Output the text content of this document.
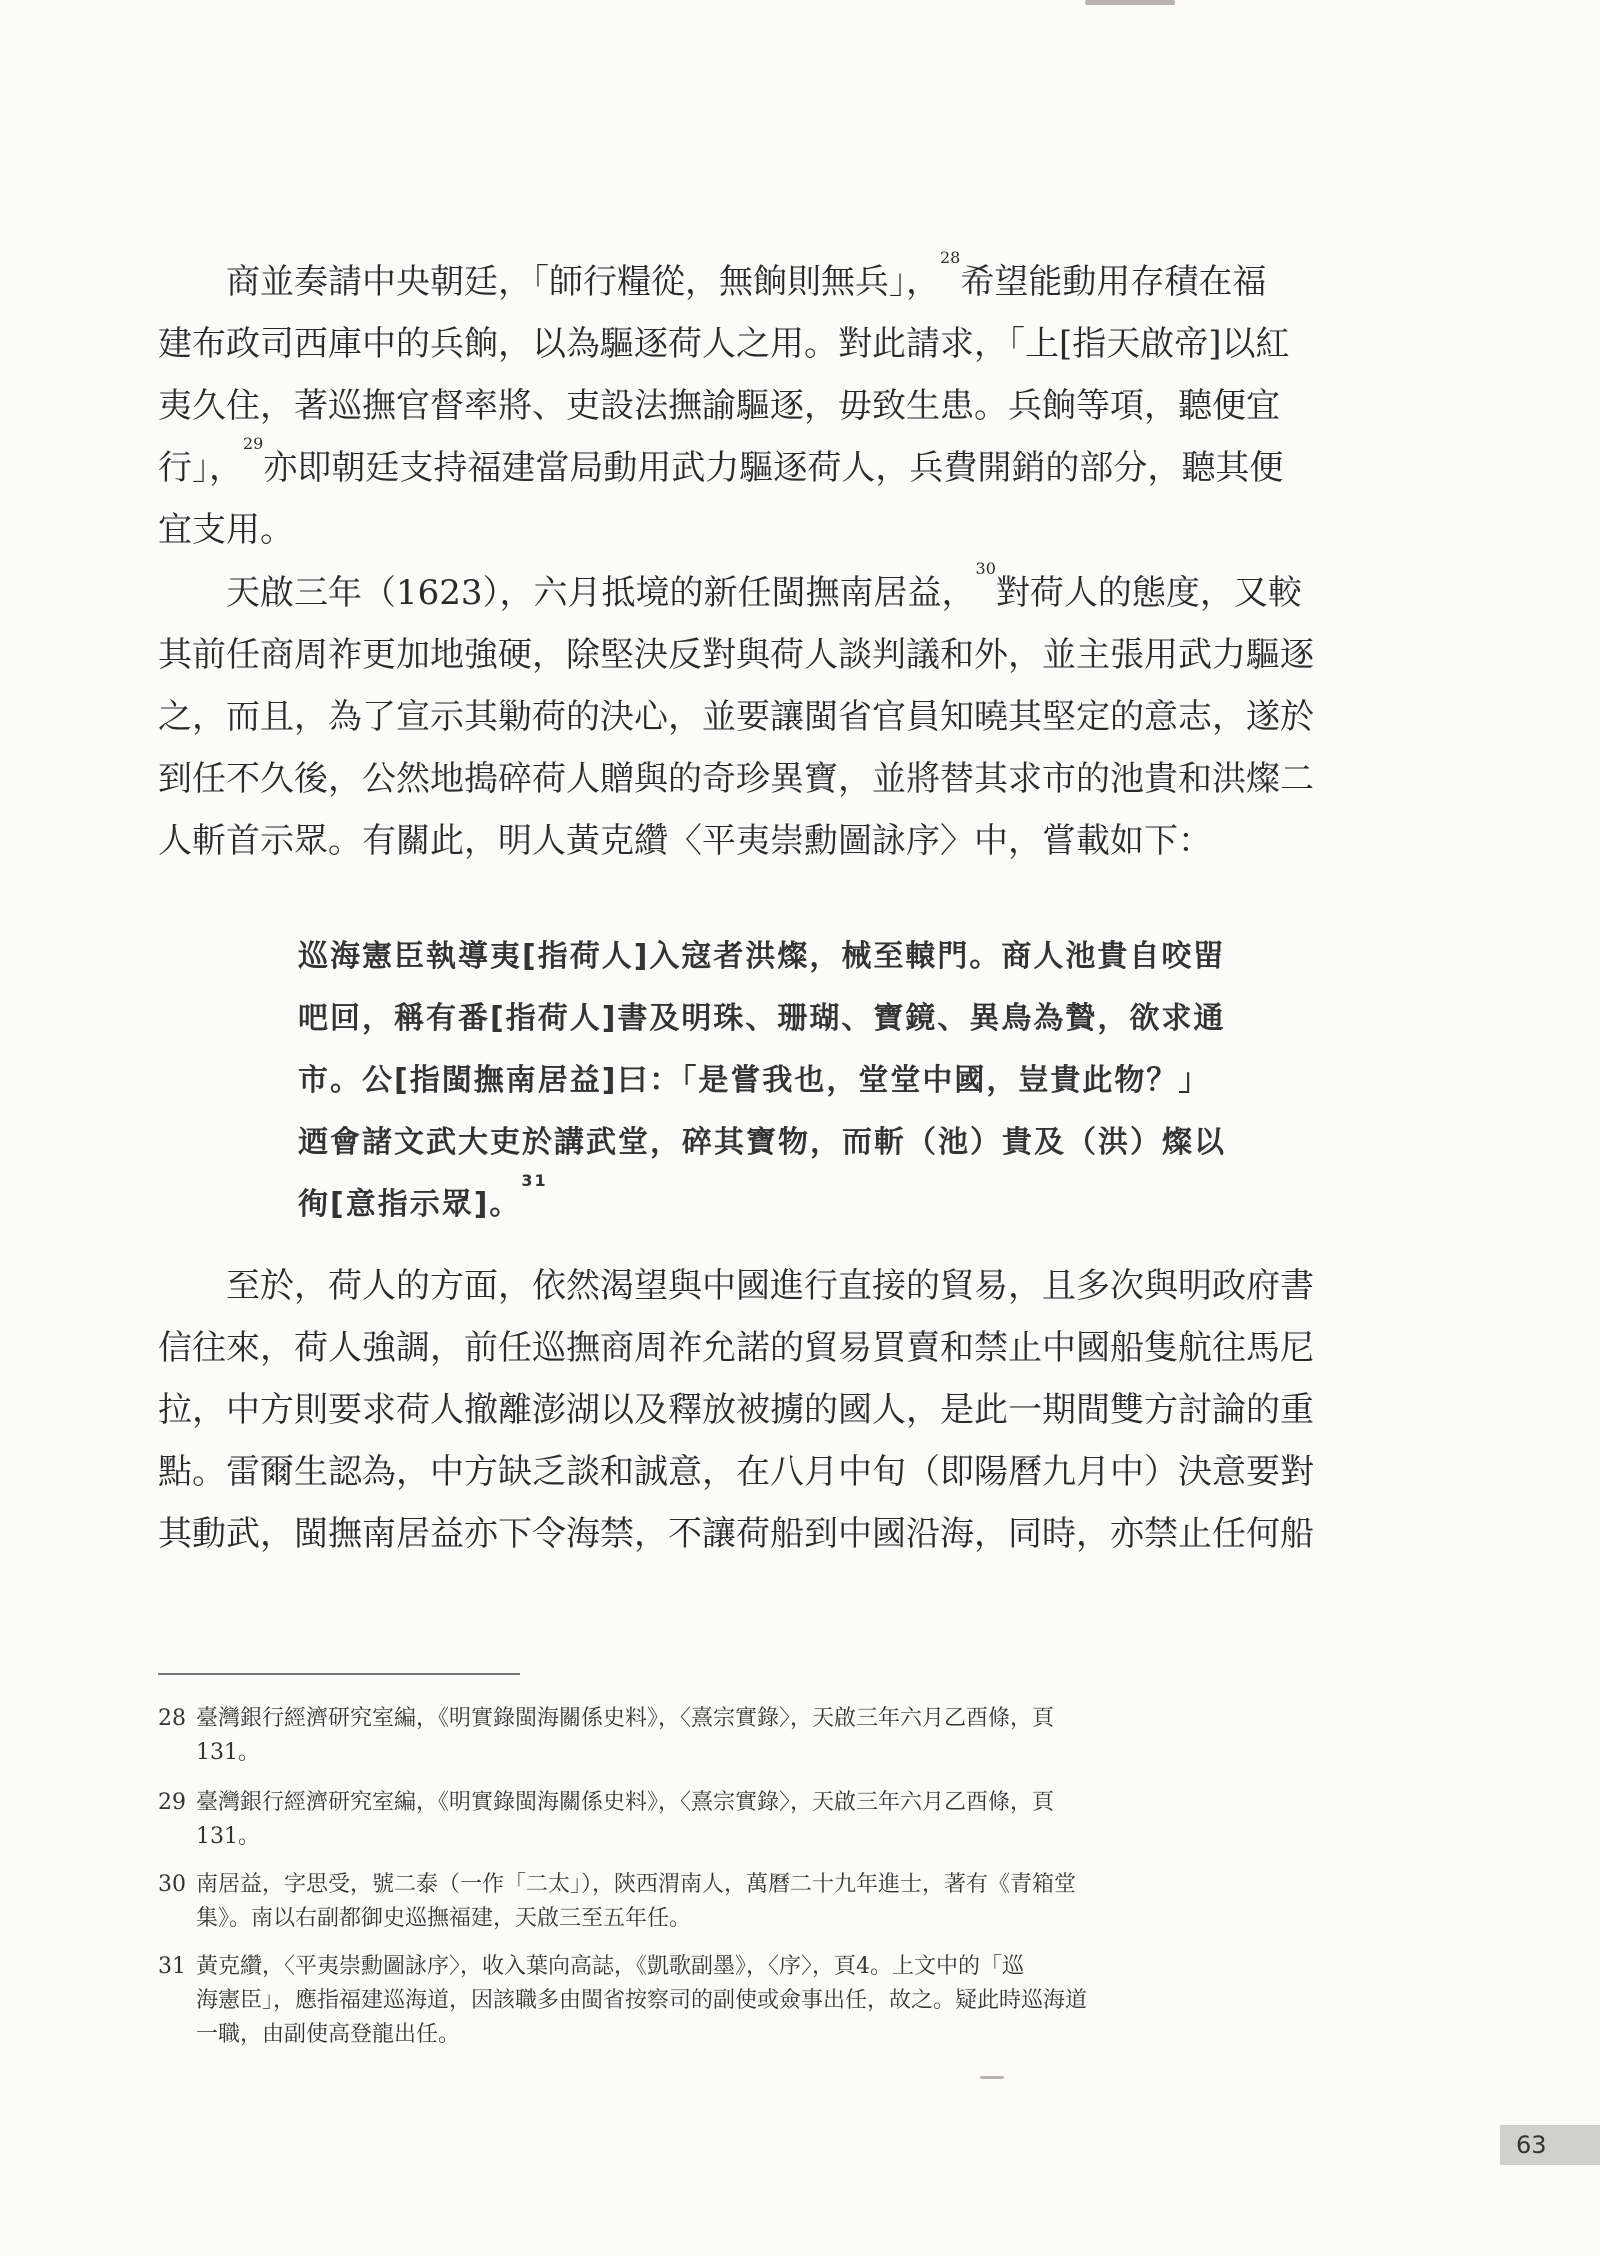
商並奏請中央朝廷，「師行糧從，無餉則無兵」，$^{28}$希望能動用存積在福
建布政司西庫中的兵餉，以為驅逐荷人之用。對此請求，「上[指天啟帝]以紅
夷久住，著巡撫官督率將、吏設法撫諭驅逐，毋致生患。兵餉等項，聽便宜
行」，$^{29}$亦即朝廷支持福建當局動用武力驅逐荷人，兵費開銷的部分，聽其便
宜支用。
天啟三年（1623），六月抵境的新任閩撫南居益，$^{30}$對荷人的態度，又較
其前任商周祚更加地強硬，除堅決反對與荷人談判議和外，並主張用武力驅逐
之，而且，為了宣示其勦荷的決心，並要讓閩省官員知曉其堅定的意志，遂於
到任不久後，公然地搗碎荷人贈與的奇珍異寶，並將替其求市的池貴和洪燦二
人斬首示眾。有關此，明人黃克纘〈平夷崇勳圖詠序〉中，嘗載如下：
巡海憲臣執導夷[指荷人]入寇者洪燦，械至轅門。商人池貴自咬㽞
吧回，稱有番[指荷人]書及明珠、珊瑚、寶鏡、異鳥為贄，欲求通
市。公[指閩撫南居益]曰：「是嘗我也，堂堂中國，豈貴此物？」
迺會諸文武大吏於講武堂，碎其寶物，而斬（池）貴及（洪）燦以
徇[意指示眾]。$^{31}$
至於，荷人的方面，依然渴望與中國進行直接的貿易，且多次與明政府書
信往來，荷人強調，前任巡撫商周祚允諾的貿易買賣和禁止中國船隻航往馬尼
拉，中方則要求荷人撤離澎湖以及釋放被擄的國人，是此一期間雙方討論的重
點。雷爾生認為，中方缺乏談和誠意，在八月中旬（即陽曆九月中）決意要對
其動武，閩撫南居益亦下令海禁，不讓荷船到中國沿海，同時，亦禁止任何船
28 臺灣銀行經濟研究室編，《明實錄閩海關係史料》，〈熹宗實錄〉，天啟三年六月乙酉條，頁
131。
29 臺灣銀行經濟研究室編，《明實錄閩海關係史料》，〈熹宗實錄〉，天啟三年六月乙酉條，頁
131。
30 南居益，字思受，號二泰（一作「二太」），陝西渭南人，萬曆二十九年進士，著有《青箱堂
集》。南以右副都御史巡撫福建，天啟三至五年任。
31 黃克纘，〈平夷崇勳圖詠序〉，收入葉向高誌，《凱歌副墨》，〈序〉，頁4。上文中的「巡
海憲臣」，應指福建巡海道，因該職多由閩省按察司的副使或僉事出任，故之。疑此時巡海道
一職，由副使高登龍出任。
63
